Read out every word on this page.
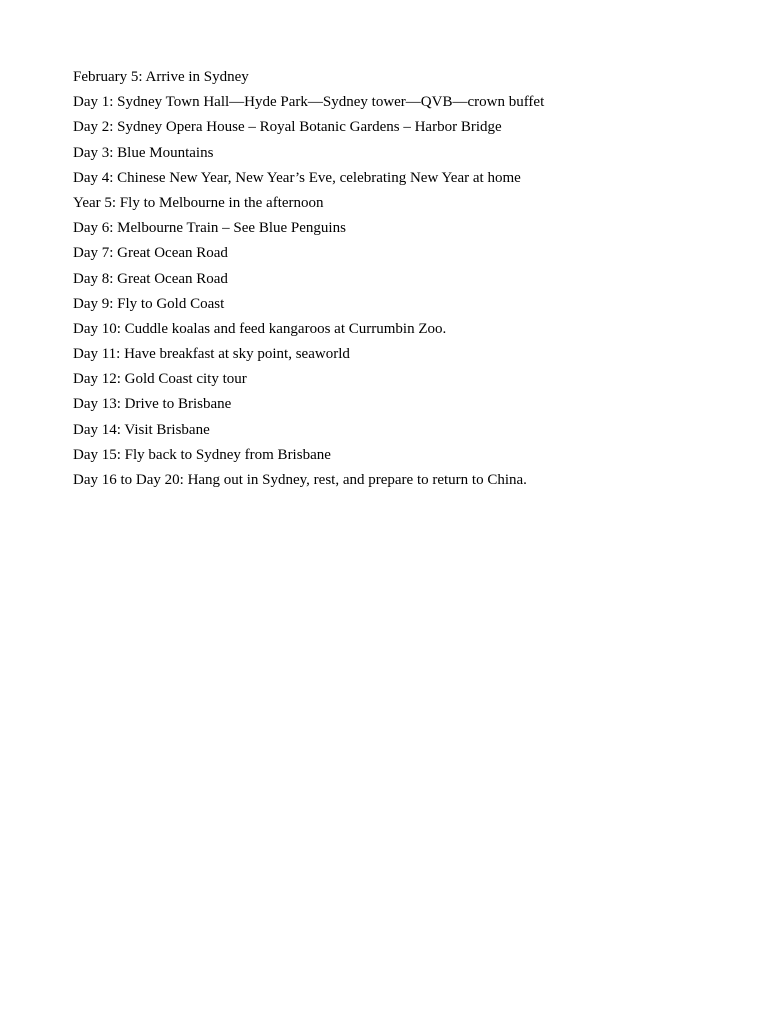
February 5: Arrive in Sydney
Day 1: Sydney Town Hall—Hyde Park—Sydney tower—QVB—crown buffet
Day 2: Sydney Opera House – Royal Botanic Gardens – Harbor Bridge
Day 3: Blue Mountains
Day 4: Chinese New Year, New Year’s Eve, celebrating New Year at home
Year 5: Fly to Melbourne in the afternoon
Day 6: Melbourne Train – See Blue Penguins
Day 7: Great Ocean Road
Day 8: Great Ocean Road
Day 9: Fly to Gold Coast
Day 10: Cuddle koalas and feed kangaroos at Currumbin Zoo.
Day 11: Have breakfast at sky point, seaworld
Day 12: Gold Coast city tour
Day 13: Drive to Brisbane
Day 14: Visit Brisbane
Day 15: Fly back to Sydney from Brisbane
Day 16 to Day 20: Hang out in Sydney, rest, and prepare to return to China.
